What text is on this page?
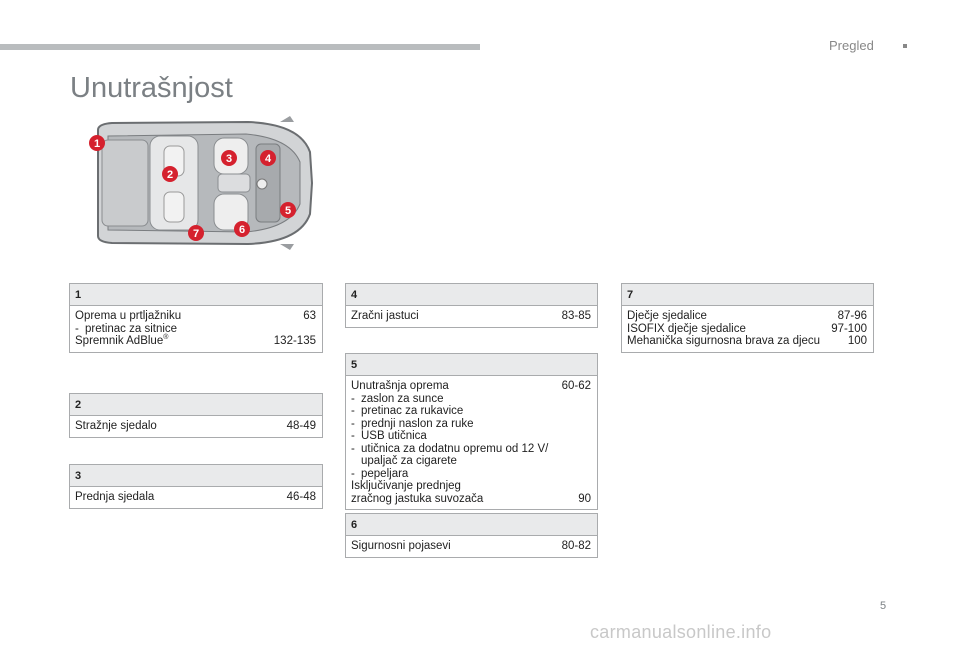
Pregled
Unutrašnjost
1
2
3	4
5
6
7
1
Oprema u prtljažniku	63
- pretinac za sitnice
Spremnik AdBlue®	132-135
2
Stražnje sjedalo	48-49
3
Prednja sjedala	46-48
4
Zračni jastuci	83-85
5
Unutrašnja oprema	60-62
- zaslon za sunce
- pretinac za rukavice
- prednji naslon za ruke
- USB utičnica
- utičnica za dodatnu opremu od 12 V/
upaljač za cigarete
- pepeljara
Isključivanje prednjeg
zračnog jastuka suvozača	90
6
Sigurnosni pojasevi	80-82
7
Dječje sjedalice	87-96
ISOFIX dječje sjedalice	97-100
Mehanička sigurnosna brava za djecu	100
5
carmanualsonline.info
